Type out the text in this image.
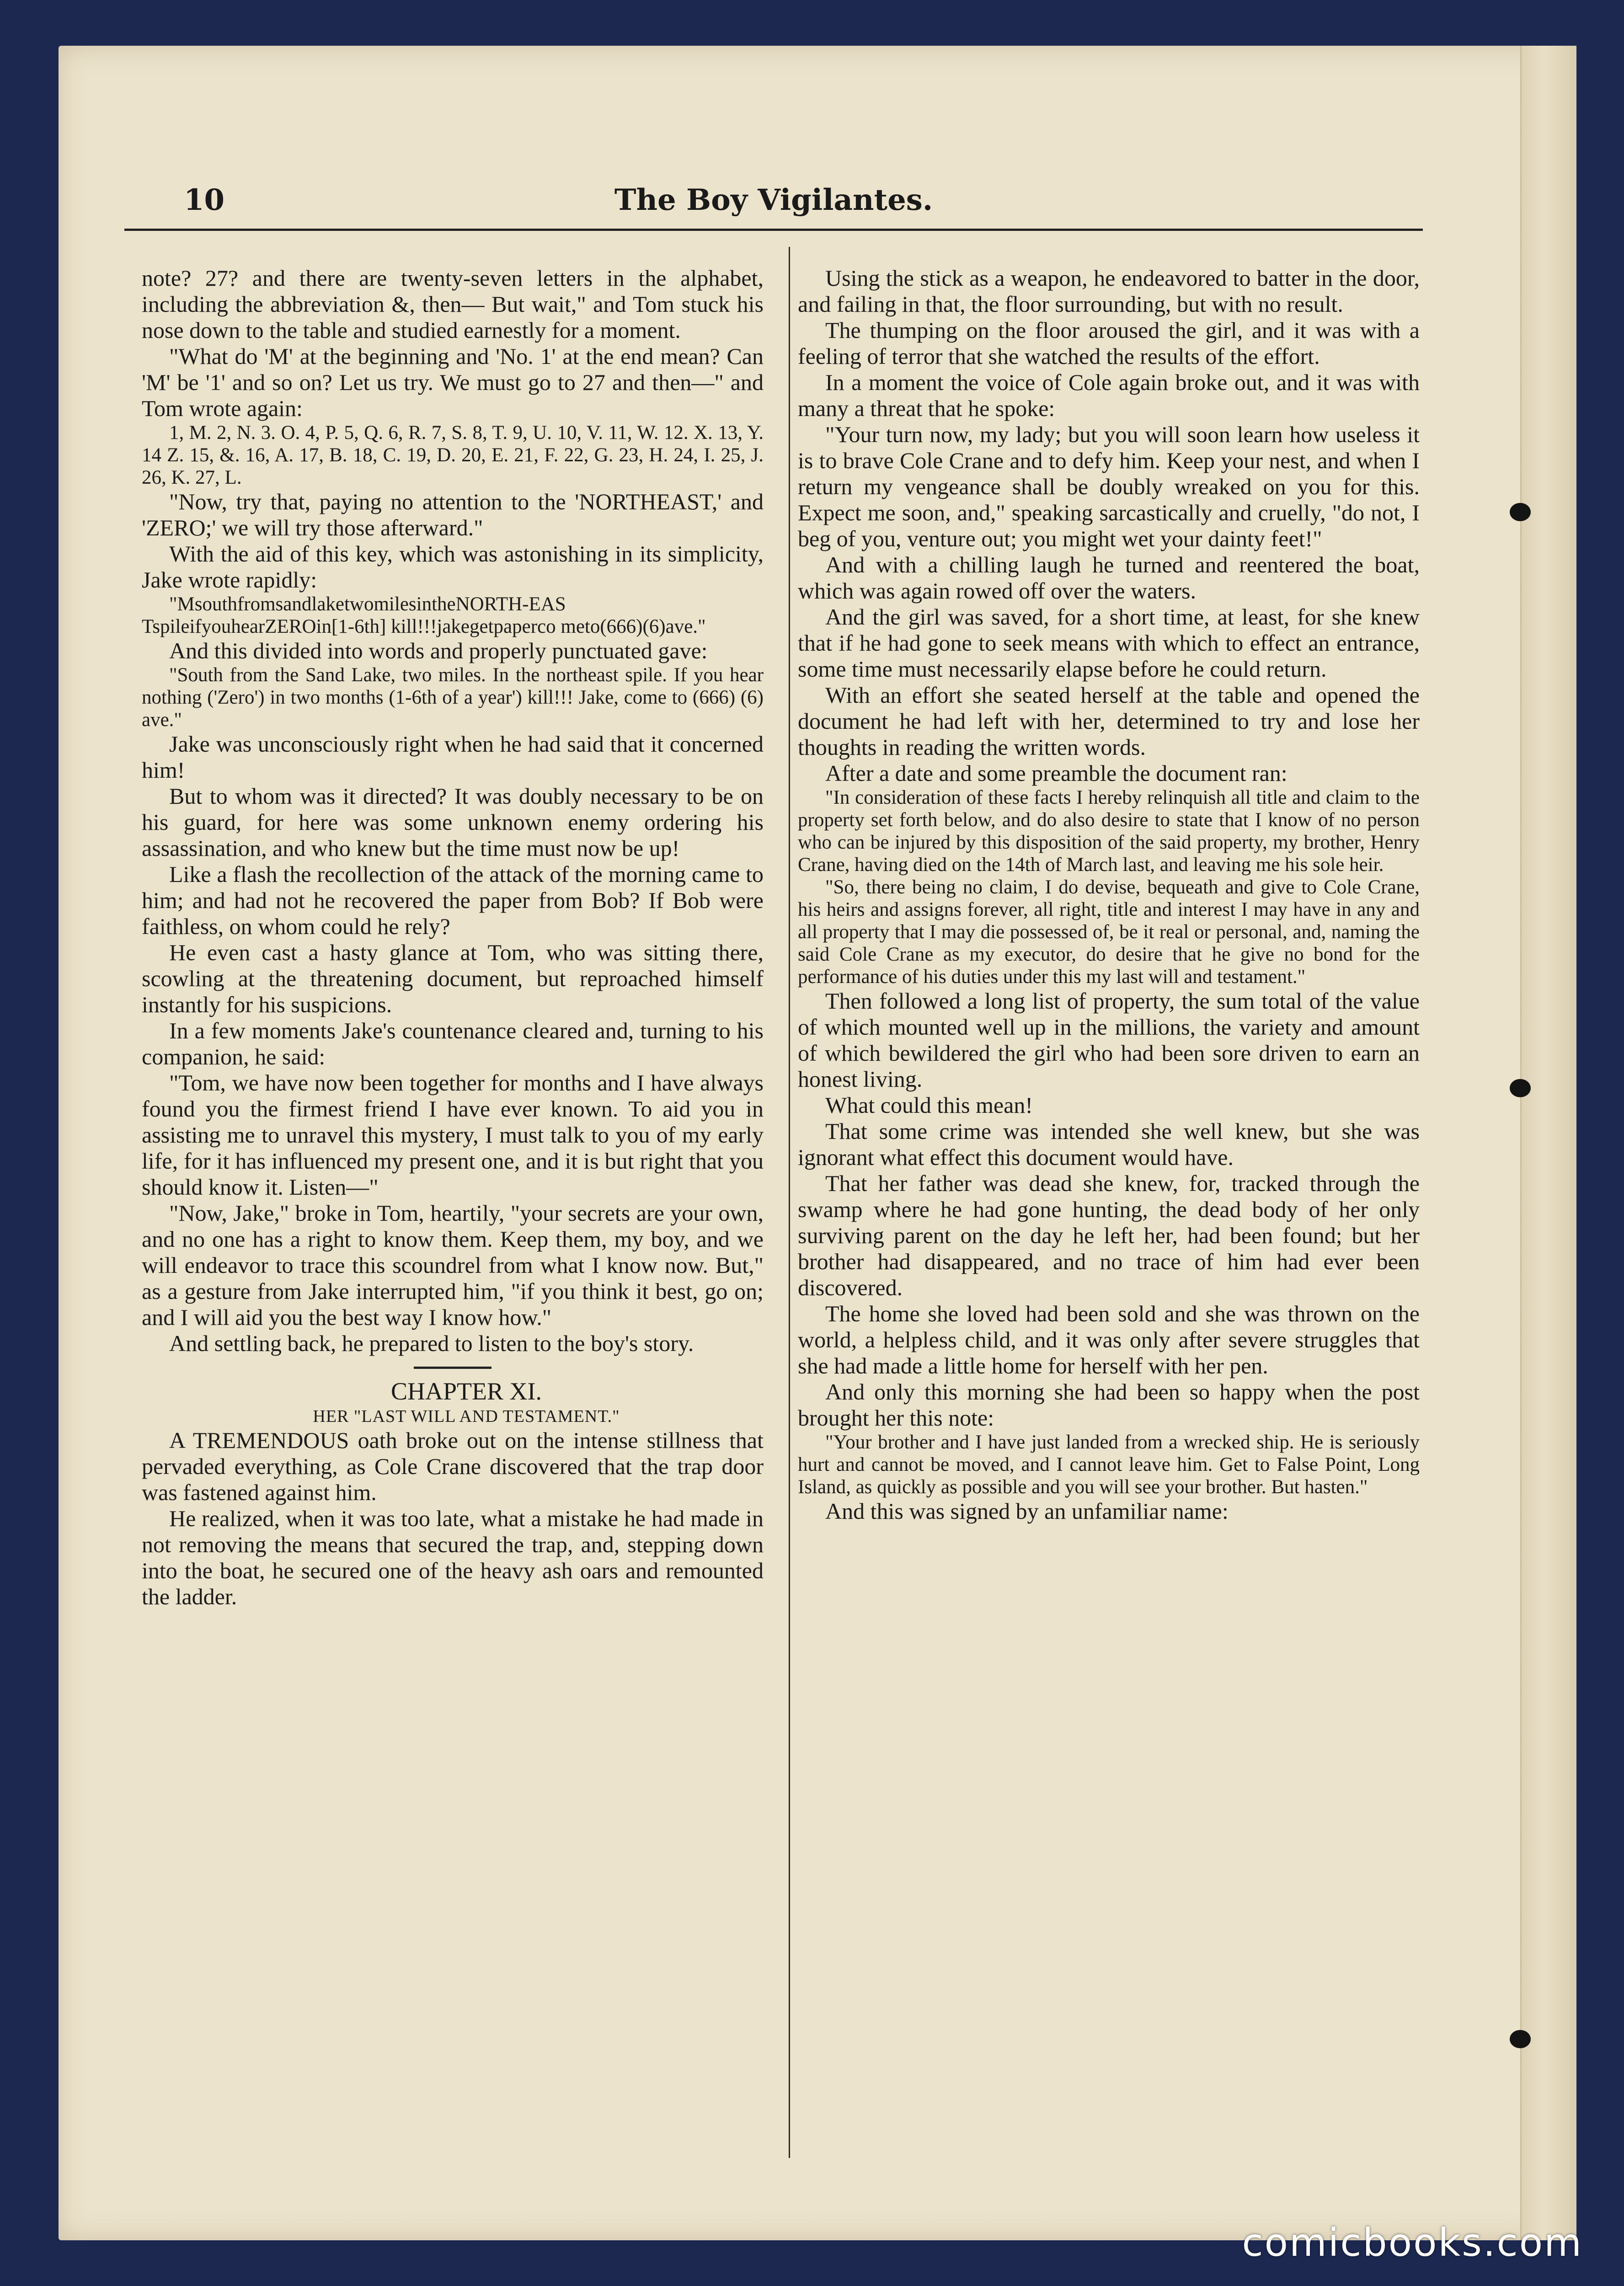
10	The Boy Vigilantes.

note? 27? and there are twenty-seven letters in the alphabet, including the abbreviation &, then— But wait," and Tom stuck his nose down to the table and studied earnestly for a moment.

"What do 'M' at the beginning and 'No. 1' at the end mean? Can 'M' be '1' and so on? Let us try. We must go to 27 and then—" and Tom wrote again:

1, M. 2, N. 3. O. 4, P. 5, Q. 6, R. 7, S. 8, T. 9, U. 10, V. 11, W. 12. X. 13, Y. 14 Z. 15, &. 16, A. 17, B. 18, C. 19, D. 20, E. 21, F. 22, G. 23, H. 24, I. 25, J. 26, K. 27, L.

"Now, try that, paying no attention to the 'NORTHEAST,' and 'ZERO;' we will try those afterward."

With the aid of this key, which was astonishing in its simplicity, Jake wrote rapidly:

"MsouthfromsandlaketwomilesintheNORTH-EAS TspileifyouhearZEROin[1-6th] kill!!!jakegetpaperco meto(666)(6)ave."

And this divided into words and properly punctuated gave:

"South from the Sand Lake, two miles. In the northeast spile. If you hear nothing ('Zero') in two months (1-6th of a year') kill!!! Jake, come to (666) (6) ave."

Jake was unconsciously right when he had said that it concerned him!

But to whom was it directed? It was doubly necessary to be on his guard, for here was some unknown enemy ordering his assassination, and who knew but the time must now be up!

Like a flash the recollection of the attack of the morning came to him; and had not he recovered the paper from Bob? If Bob were faithless, on whom could he rely?

He even cast a hasty glance at Tom, who was sitting there, scowling at the threatening document, but reproached himself instantly for his suspicions.

In a few moments Jake's countenance cleared and, turning to his companion, he said:

"Tom, we have now been together for months and I have always found you the firmest friend I have ever known. To aid you in assisting me to unravel this mystery, I must talk to you of my early life, for it has influenced my present one, and it is but right that you should know it. Listen—"

"Now, Jake," broke in Tom, heartily, "your secrets are your own, and no one has a right to know them. Keep them, my boy, and we will endeavor to trace this scoundrel from what I know now. But," as a gesture from Jake interrupted him, "if you think it best, go on; and I will aid you the best way I know how."

And settling back, he prepared to listen to the boy's story.

CHAPTER XI.

HER "LAST WILL AND TESTAMENT."

A TREMENDOUS oath broke out on the intense stillness that pervaded everything, as Cole Crane discovered that the trap door was fastened against him.

He realized, when it was too late, what a mistake he had made in not removing the means that secured the trap, and, stepping down into the boat, he secured one of the heavy ash oars and remounted the ladder.

Using the stick as a weapon, he endeavored to batter in the door, and failing in that, the floor surrounding, but with no result.

The thumping on the floor aroused the girl, and it was with a feeling of terror that she watched the results of the effort.

In a moment the voice of Cole again broke out, and it was with many a threat that he spoke:

"Your turn now, my lady; but you will soon learn how useless it is to brave Cole Crane and to defy him. Keep your nest, and when I return my vengeance shall be doubly wreaked on you for this. Expect me soon, and," speaking sarcastically and cruelly, "do not, I beg of you, venture out; you might wet your dainty feet!"

And with a chilling laugh he turned and reentered the boat, which was again rowed off over the waters.

And the girl was saved, for a short time, at least, for she knew that if he had gone to seek means with which to effect an entrance, some time must necessarily elapse before he could return.

With an effort she seated herself at the table and opened the document he had left with her, determined to try and lose her thoughts in reading the written words.

After a date and some preamble the document ran:

"In consideration of these facts I hereby relinquish all title and claim to the property set forth below, and do also desire to state that I know of no person who can be injured by this disposition of the said property, my brother, Henry Crane, having died on the 14th of March last, and leaving me his sole heir.

"So, there being no claim, I do devise, bequeath and give to Cole Crane, his heirs and assigns forever, all right, title and interest I may have in any and all property that I may die possessed of, be it real or personal, and, naming the said Cole Crane as my executor, do desire that he give no bond for the performance of his duties under this my last will and testament."

Then followed a long list of property, the sum total of the value of which mounted well up in the millions, the variety and amount of which bewildered the girl who had been sore driven to earn an honest living.

What could this mean!

That some crime was intended she well knew, but she was ignorant what effect this document would have.

That her father was dead she knew, for, tracked through the swamp where he had gone hunting, the dead body of her only surviving parent on the day he left her, had been found; but her brother had disappeared, and no trace of him had ever been discovered.

The home she loved had been sold and she was thrown on the world, a helpless child, and it was only after severe struggles that she had made a little home for herself with her pen.

And only this morning she had been so happy when the post brought her this note:

"Your brother and I have just landed from a wrecked ship. He is seriously hurt and cannot be moved, and I cannot leave him. Get to False Point, Long Island, as quickly as possible and you will see your brother. But hasten."

And this was signed by an unfamiliar name:

comicbooks.com
